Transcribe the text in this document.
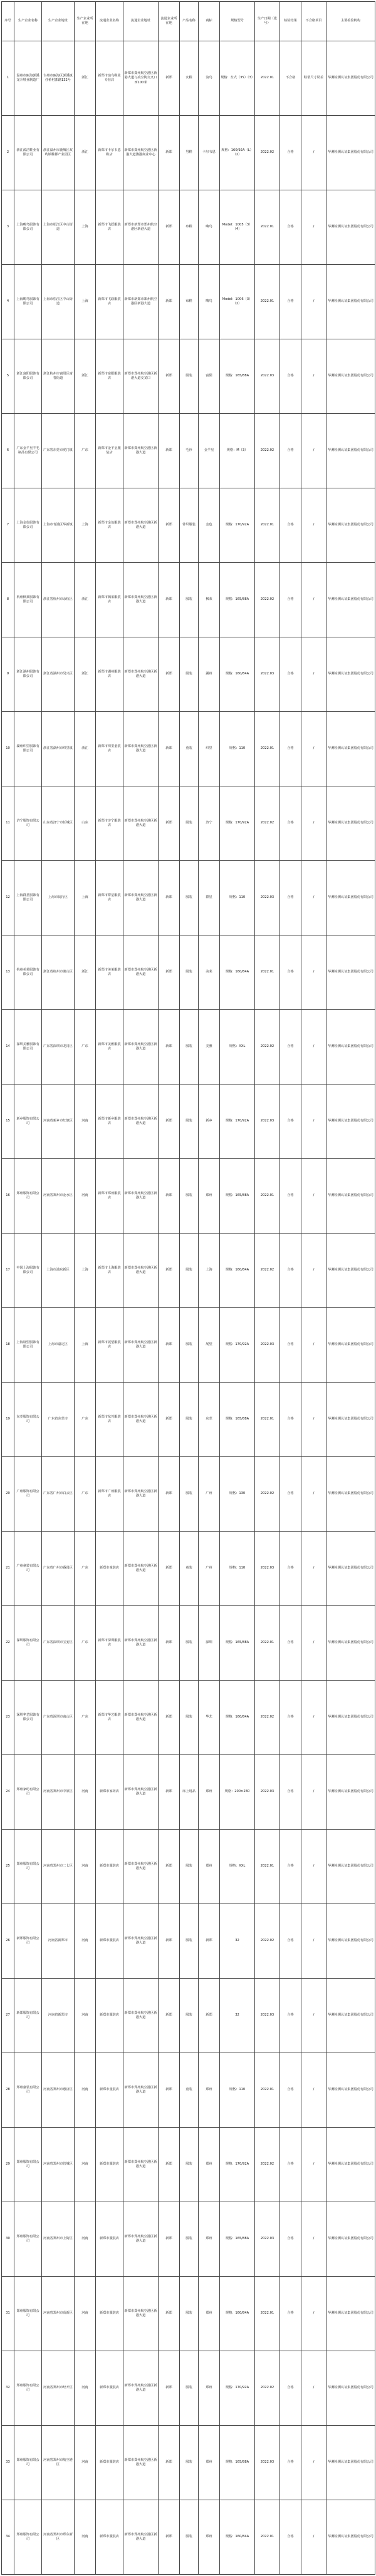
序号	生产企业名称	生产企业地址	生产企业所在地	流通企业名称	流通企业地址	流通企业所在地	产品名称	商标	规格型号	生产日期（批号）	检验结果	不合格项目	主要检验机构
1	温州市瓯海郭溪龙升鞋业制造厂	台州市瓯海区郭溪镇任桥村郭路132号	浙江	新郑市浪鸟鞋业专营店	新郑市郑州航空港区新港大道与凌空街交叉口西100米	新郑	女鞋	浪鸟	规格：女式（35）（3）	2022.01	不合格	鞋帮尺寸误差	华测检测认证集团股份有限公司
2	浙江源洁鞋业有限公司	浙江温州市鹿城区双屿镇鞋都产业园区	浙江	新郑市卡尔韦恩鞋店	新郑市郑州航空港区新港大道豫港商业中心	新郑	男鞋	卡尔韦恩	规格：160/92A（L）（2）	2022.02	合格	/	华测检测认证集团股份有限公司
3	上海嗨鸟服饰有限公司	上海市松江区中山街道	上海	新郑市飞跃服装店	新郑市新郑市郑州航空港区新港大道	新郑	布鞋	嗨鸟	Model：1005（3）（4）	2022.01	合格	/	华测检测认证集团股份有限公司
4	上海嗨鸟服饰有限公司	上海市松江区中山街道	上海	新郑市飞跃服装店	新郑市新郑市郑州航空港区新港大道	新郑	布鞋	嗨鸟	Model：1006（3）（2）	2022.01	合格	/	华测检测认证集团股份有限公司
5	浙江富阳服饰有限公司	浙江杭州市富阳区富春街道	浙江	新郑市富阳服装店	新郑市郑州航空港区新港大道交叉口	新郑	服装	富阳	规格：165/88A	2022.03	合格	/	华测检测认证集团股份有限公司
6	广东金羊皇羊毛制品有限公司	广东省东莞市虎门镇	广东	新郑市金羊皇服装店	新郑市郑州航空港区新港大道	新郑	毛衫	金羊皇	规格：M（3）	2022.02	合格	/	华测检测认证集团股份有限公司
7	上海金色服饰有限公司	上海市青浦区华新镇	上海	新郑市金色服装店	新郑市郑州航空港区新港大道	新郑	针织服装	金色	规格：170/92A	2022.01	合格	/	华测检测认证集团股份有限公司
8	杭州枫莱服饰有限公司	浙江省杭州市余杭区	浙江	新郑市枫莱服装店	新郑市郑州航空港区新港大道	新郑	服装	枫莱	规格：165/88A	2022.02	合格	/	华测检测认证集团股份有限公司
9	浙江湖州服饰有限公司	浙江省湖州市吴兴区	浙江	新郑市湖州服装店	新郑市郑州航空港区新港大道	新郑	服装	湖州	规格：160/84A	2022.03	合格	/	华测检测认证集团股份有限公司
10	湖州织里服饰有限公司	浙江省湖州市织里镇	浙江	新郑市织里童装店	新郑市郑州航空港区新港大道	新郑	童装	织里	规格：110	2022.01	合格	/	华测检测认证集团股份有限公司
11	济宁服饰有限公司	山东省济宁市任城区	山东	新郑市济宁服装店	新郑市郑州航空港区新港大道	新郑	服装	济宁	规格：170/92A	2022.02	合格	/	华测检测认证集团股份有限公司
12	上海群星服饰有限公司	上海市闵行区	上海	新郑市群星服装店	新郑市郑州航空港区新港大道	新郑	服装	群星	规格：110	2022.03	合格	/	华测检测认证集团股份有限公司
13	杭州美莱服饰有限公司	浙江省杭州市萧山区	浙江	新郑市美莱服装店	新郑市郑州航空港区新港大道	新郑	服装	美莱	规格：160/84A	2022.01	合格	/	华测检测认证集团股份有限公司
14	深圳美雅服饰有限公司	广东省深圳市龙岗区	广东	新郑市美雅服装店	新郑市郑州航空港区新港大道	新郑	服装	美雅	规格：XXL	2022.02	合格	/	华测检测认证集团股份有限公司
15	新乡服饰有限公司	河南省新乡市红旗区	河南	新郑市新乡服装店	新郑市郑州航空港区新港大道	新郑	服装	新乡	规格：170/92A	2022.03	合格	/	华测检测认证集团股份有限公司
16	郑州服饰有限公司	河南省郑州市金水区	河南	新郑市郑州服装店	新郑市郑州航空港区新港大道	新郑	服装	郑州	规格：165/88A	2022.01	合格	/	华测检测认证集团股份有限公司
17	中国上海服饰有限公司	上海市浦东新区	上海	新郑市上海服装店	新郑市郑州航空港区新港大道	新郑	服装	上海	规格：160/84A	2022.02	合格	/	华测检测认证集团股份有限公司
18	上海展望服饰有限公司	上海市嘉定区	上海	新郑市展望服装店	新郑市郑州航空港区新港大道	新郑	服装	展望	规格：170/92A	2022.03	合格	/	华测检测认证集团股份有限公司
19	东莞服饰有限公司	广东省东莞市	广东	新郑市东莞服装店	新郑市郑州航空港区新港大道	新郑	服装	东莞	规格：165/88A	2022.01	合格	/	华测检测认证集团股份有限公司
20	广州服饰有限公司	广东省广州市白云区	广东	新郑市广州服装店	新郑市郑州航空港区新港大道	新郑	服装	广州	规格：130	2022.02	合格	/	华测检测认证集团股份有限公司
21	广州童装有限公司	广东省广州市番禺区	广东	新郑市童装店	新郑市郑州航空港区新港大道	新郑	童装	广州	规格：110	2022.03	合格	/	华测检测认证集团股份有限公司
22	深圳服饰有限公司	广东省深圳市宝安区	广东	新郑市深圳服装店	新郑市郑州航空港区新港大道	新郑	服装	深圳	规格：165/88A	2022.01	合格	/	华测检测认证集团股份有限公司
23	深圳华艺服饰有限公司	广东省深圳市南山区	广东	新郑市华艺服装店	新郑市郑州航空港区新港大道	新郑	服装	华艺	规格：160/84A	2022.02	合格	/	华测检测认证集团股份有限公司
24	郑州家纺有限公司	河南省郑州市中原区	河南	新郑市家纺店	新郑市郑州航空港区新港大道	新郑	床上用品	郑州	规格：200×230	2022.03	合格	/	华测检测认证集团股份有限公司
25	郑州服饰有限公司	河南省郑州市二七区	河南	新郑市服装店	新郑市郑州航空港区新港大道	新郑	服装	郑州	规格：XXL	2022.01	合格	/	华测检测认证集团股份有限公司
26	新郑服饰有限公司	河南省新郑市	河南	新郑市服装店	新郑市郑州航空港区新港大道	新郑	服装	新郑	32	2022.02	合格	/	华测检测认证集团股份有限公司
27	新郑服饰有限公司	河南省新郑市	河南	新郑市服装店	新郑市郑州航空港区新港大道	新郑	服装	新郑	32	2022.03	合格	/	华测检测认证集团股份有限公司
28	郑州童装有限公司	河南省郑州市惠济区	河南	新郑市童装店	新郑市郑州航空港区新港大道	新郑	童装	郑州	规格：110	2022.01	合格	/	华测检测认证集团股份有限公司
29	郑州服饰有限公司	河南省郑州市管城区	河南	新郑市服装店	新郑市郑州航空港区新港大道	新郑	服装	郑州	规格：170/92A	2022.02	合格	/	华测检测认证集团股份有限公司
30	郑州服饰有限公司	河南省郑州市上街区	河南	新郑市服装店	新郑市郑州航空港区新港大道	新郑	服装	郑州	规格：165/88A	2022.03	合格	/	华测检测认证集团股份有限公司
31	郑州服饰有限公司	河南省郑州市高新区	河南	新郑市服装店	新郑市郑州航空港区新港大道	新郑	服装	郑州	规格：160/84A	2022.01	合格	/	华测检测认证集团股份有限公司
32	郑州服饰有限公司	河南省郑州市经开区	河南	新郑市服装店	新郑市郑州航空港区新港大道	新郑	服装	郑州	规格：170/92A	2022.02	合格	/	华测检测认证集团股份有限公司
33	郑州服饰有限公司	河南省郑州市航空港区	河南	新郑市服装店	新郑市郑州航空港区新港大道	新郑	服装	郑州	规格：165/88A	2022.03	合格	/	华测检测认证集团股份有限公司
34	郑州服饰有限公司	河南省郑州市郑东新区	河南	新郑市服装店	新郑市郑州航空港区新港大道	新郑	服装	郑州	规格：160/84A	2022.01	合格	/	华测检测认证集团股份有限公司
